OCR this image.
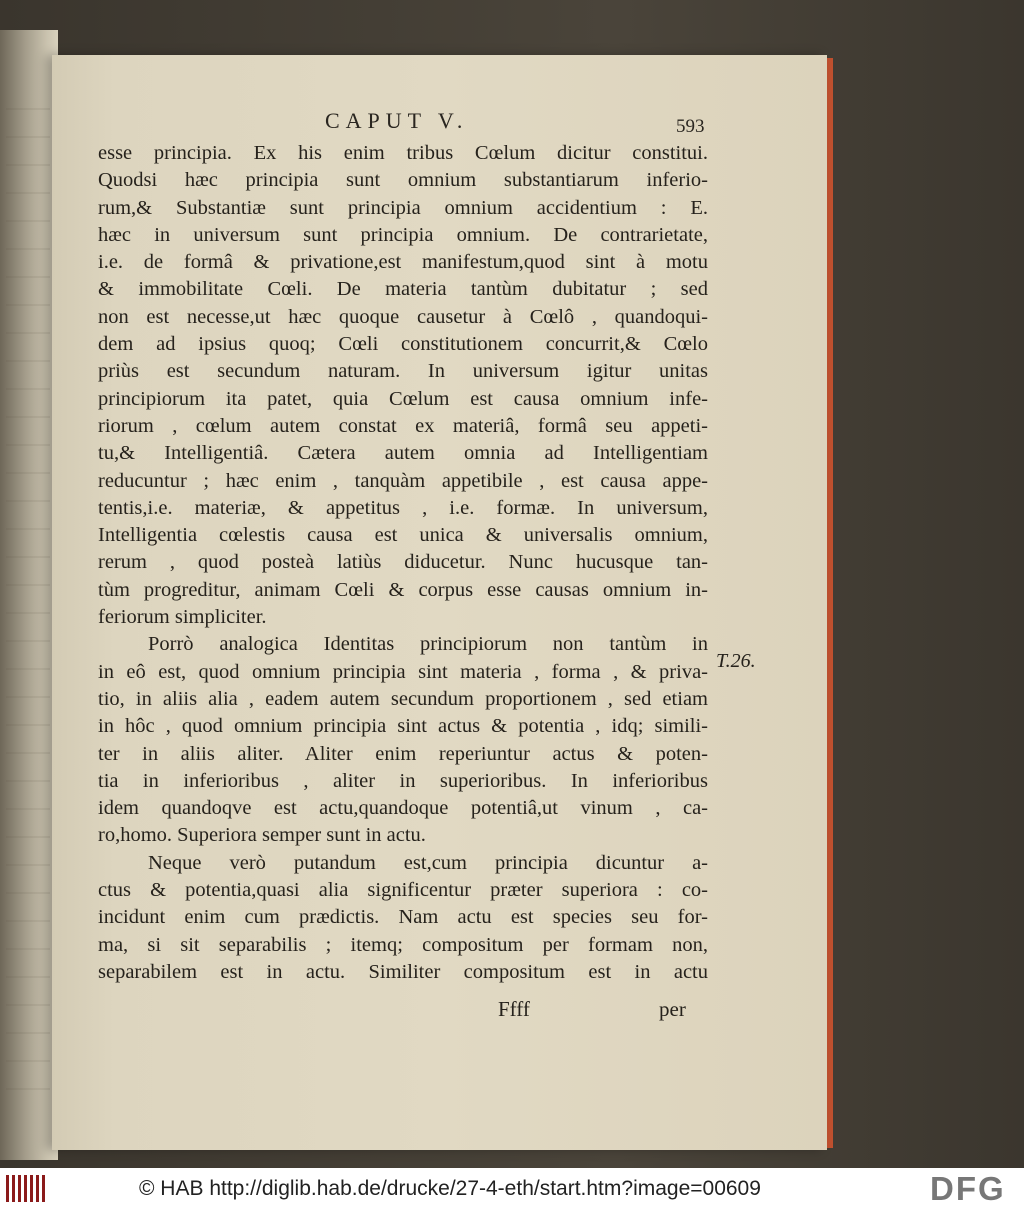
CAPUT V.	593
esse principia. Ex his enim tribus Cœlum dicitur constitui.
Quodsi hæc principia sunt omnium substantiarum inferio-
rum,& Substantiæ sunt principia omnium accidentium : E.
hæc in universum sunt principia omnium. De contrarietate,
i.e. de formâ & privatione,est manifestum,quod sint à motu
& immobilitate Cœli. De materia tantùm dubitatur ; sed
non est necesse,ut hæc quoque causetur à Cœlô , quandoqui-
dem ad ipsius quoq; Cœli constitutionem concurrit,& Cœlo
priùs est secundum naturam. In universum igitur unitas
principiorum ita patet, quia Cœlum est causa omnium infe-
riorum , cœlum autem constat ex materiâ, formâ seu appeti-
tu,& Intelligentiâ. Cætera autem omnia ad Intelligentiam
reducuntur ; hæc enim , tanquàm appetibile , est causa appe-
tentis,i.e. materiæ, & appetitus , i.e. formæ. In universum,
Intelligentia cœlestis causa est unica & universalis omnium,
rerum , quod posteà latiùs diducetur. Nunc hucusque tan-
tùm progreditur, animam Cœli & corpus esse causas omnium in-
feriorum simpliciter.
Porrò analogica Identitas principiorum non tantùm in
in eô est, quod omnium principia sint materia , forma , & priva-
tio, in aliis alia , eadem autem secundum proportionem , sed etiam
in hôc , quod omnium principia sint actus & potentia , idq; simili-
ter in aliis aliter. Aliter enim reperiuntur actus & poten-
tia in inferioribus , aliter in superioribus. In inferioribus
idem quandoqve est actu,quandoque potentiâ,ut vinum , ca-
ro,homo. Superiora semper sunt in actu.
Neque verò putandum est,cum principia dicuntur a-
ctus & potentia,quasi alia significentur præter superiora : co-
incidunt enim cum prædictis. Nam actu est species seu for-
ma, si sit separabilis ; itemq; compositum per formam non,
separabilem est in actu. Similiter compositum est in actu
T.26.
Ffff	per
© HAB http://diglib.hab.de/drucke/27-4-eth/start.htm?image=00609	DFG
